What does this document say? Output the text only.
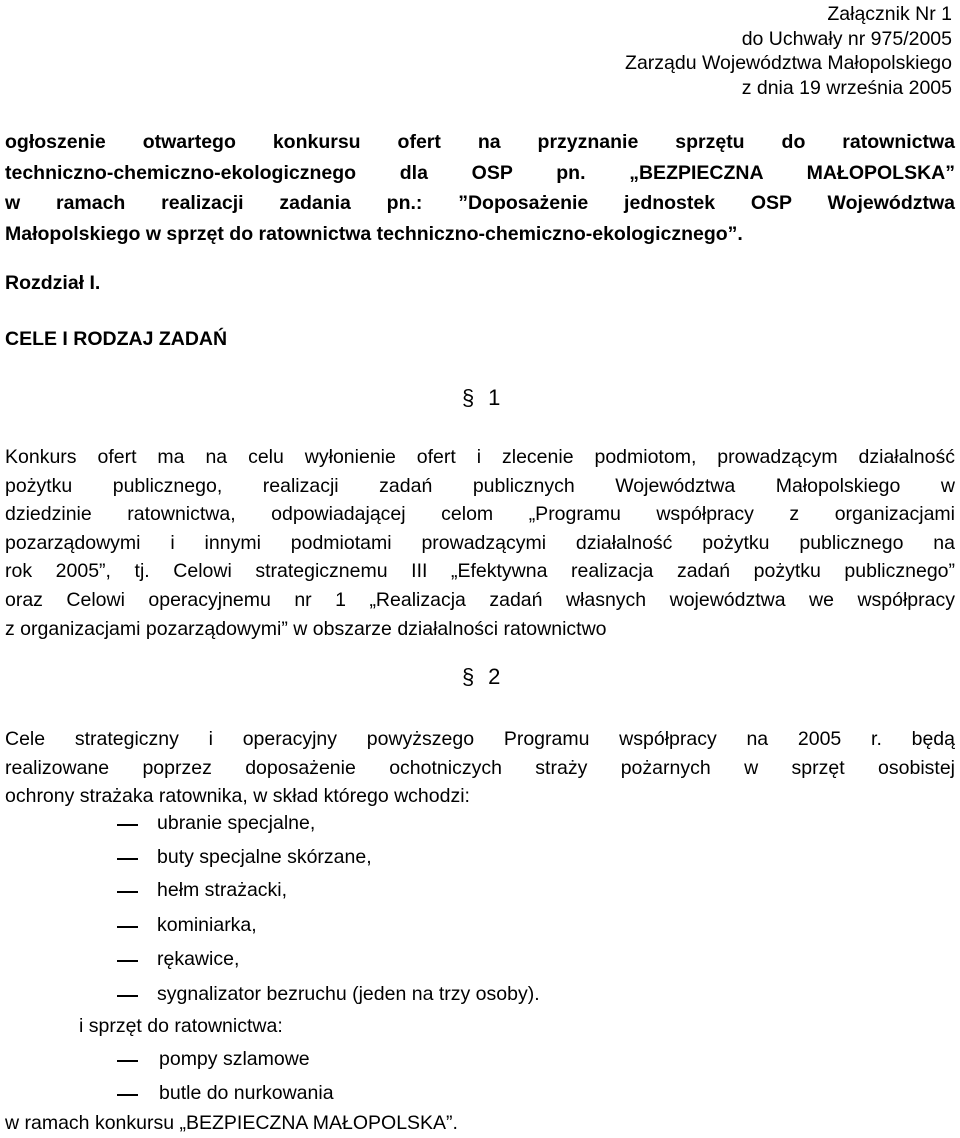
Załącznik Nr 1
do Uchwały nr 975/2005
Zarządu Województwa Małopolskiego
z dnia 19 września 2005
ogłoszenie otwartego konkursu ofert na przyznanie sprzętu do ratownictwa
techniczno-chemiczno-ekologicznego dla OSP pn. „BEZPIECZNA MAŁOPOLSKA”
w ramach realizacji zadania pn.: ”Doposażenie jednostek OSP Województwa
Małopolskiego w sprzęt do ratownictwa techniczno-chemiczno-ekologicznego”.
Rozdział I.
CELE I RODZAJ ZADAŃ
§ 1
Konkurs ofert ma na celu wyłonienie ofert i zlecenie podmiotom, prowadzącym działalność
pożytku publicznego, realizacji zadań publicznych Województwa Małopolskiego w
dziedzinie ratownictwa, odpowiadającej celom „Programu współpracy z organizacjami
pozarządowymi i innymi podmiotami prowadzącymi działalność pożytku publicznego na
rok 2005”, tj. Celowi strategicznemu III „Efektywna realizacja zadań pożytku publicznego”
oraz Celowi operacyjnemu nr 1 „Realizacja zadań własnych województwa we współpracy
z organizacjami pozarządowymi” w obszarze działalności ratownictwo
§ 2
Cele strategiczny i operacyjny powyższego Programu współpracy na 2005 r. będą
realizowane poprzez doposażenie ochotniczych straży pożarnych w sprzęt osobistej
ochrony strażaka ratownika, w skład którego wchodzi:
ubranie specjalne,
buty specjalne skórzane,
hełm strażacki,
kominiarka,
rękawice,
sygnalizator bezruchu (jeden na trzy osoby).
i sprzęt do ratownictwa:
pompy szlamowe
butle do nurkowania
w ramach konkursu „BEZPIECZNA MAŁOPOLSKA”.
